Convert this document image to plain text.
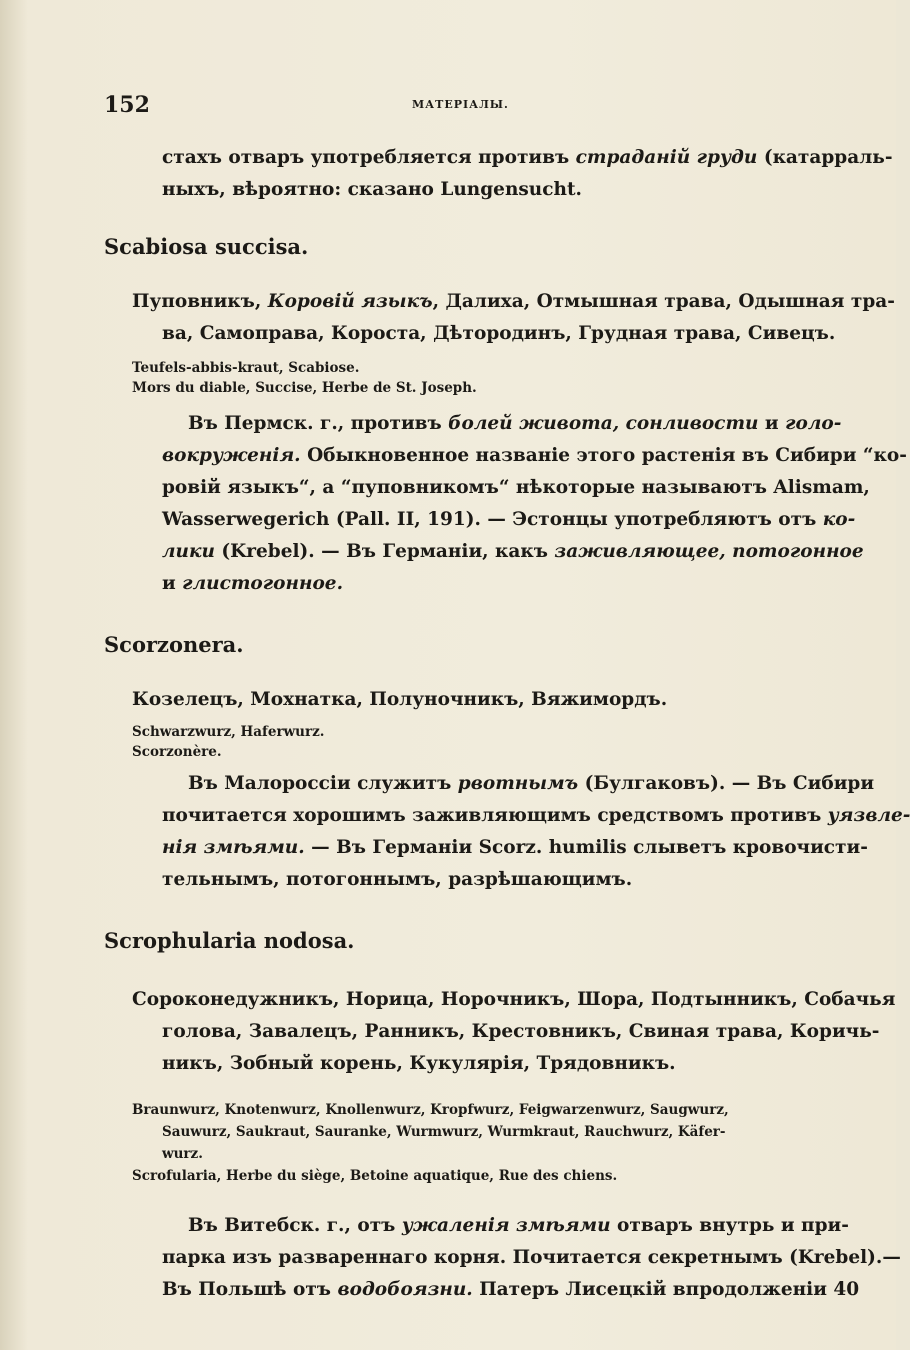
152	МАТЕРІАЛЫ.
стахъ отваръ употребляется противъ страданій груди (катарраль-
ныхъ, вѣроятно: сказано Lungensucht.
Scabiosa succisa.
Пуповникъ, Коровій языкъ, Далиха, Отмышная трава, Одышная тра-
ва, Самоправа, Короста, Дѣтородинъ, Грудная трава, Сивецъ.
Teufels-abbis-kraut, Scabiose.
Mors du diable, Succise, Herbe de St. Joseph.
Въ Пермск. г., противъ болей живота, сонливости и голо-
вокруженія. Обыкновенное названіе этого растенія въ Сибири “ко-
ровій языкъ“, а “пуповникомъ“ нѣкоторые называютъ Alismam,
Wasserwegerich (Pall. II, 191). — Эстонцы употребляютъ отъ ко-
лики (Krebel). — Въ Германіи, какъ заживляющее, потогонное
и глистогонное.
Scorzonera.
Козелецъ, Мохнатка, Полуночникъ, Вяжимордъ.
Schwarzwurz, Haferwurz.
Scorzonère.
Въ Малороссіи служитъ рвотнымъ (Булгаковъ). — Въ Сибири
почитается хорошимъ заживляющимъ средствомъ противъ уязвле-
нія змѣями. — Въ Германіи Scorz. humilis слыветъ кровочисти-
тельнымъ, потогоннымъ, разрѣшающимъ.
Scrophularia nodosa.
Сороконедужникъ, Норица, Норочникъ, Шора, Подтынникъ, Собачья
голова, Завалецъ, Ранникъ, Крестовникъ, Свиная трава, Коричь-
никъ, Зобный корень, Кукулярія, Трядовникъ.
Braunwurz, Knotenwurz, Knollenwurz, Kropfwurz, Feigwarzenwurz, Saugwurz,
Sauwurz, Saukraut, Sauranke, Wurmwurz, Wurmkraut, Rauchwurz, Käfer-
wurz.
Scrofularia, Herbe du siège, Betoine aquatique, Rue des chiens.
Въ Витебск. г., отъ ужаленія змѣями отваръ внутрь и при-
парка изъ развареннаго корня. Почитается секретнымъ (Krebel).—
Въ Польшѣ отъ водобоязни. Патеръ Лисецкій впродолженіи 40
